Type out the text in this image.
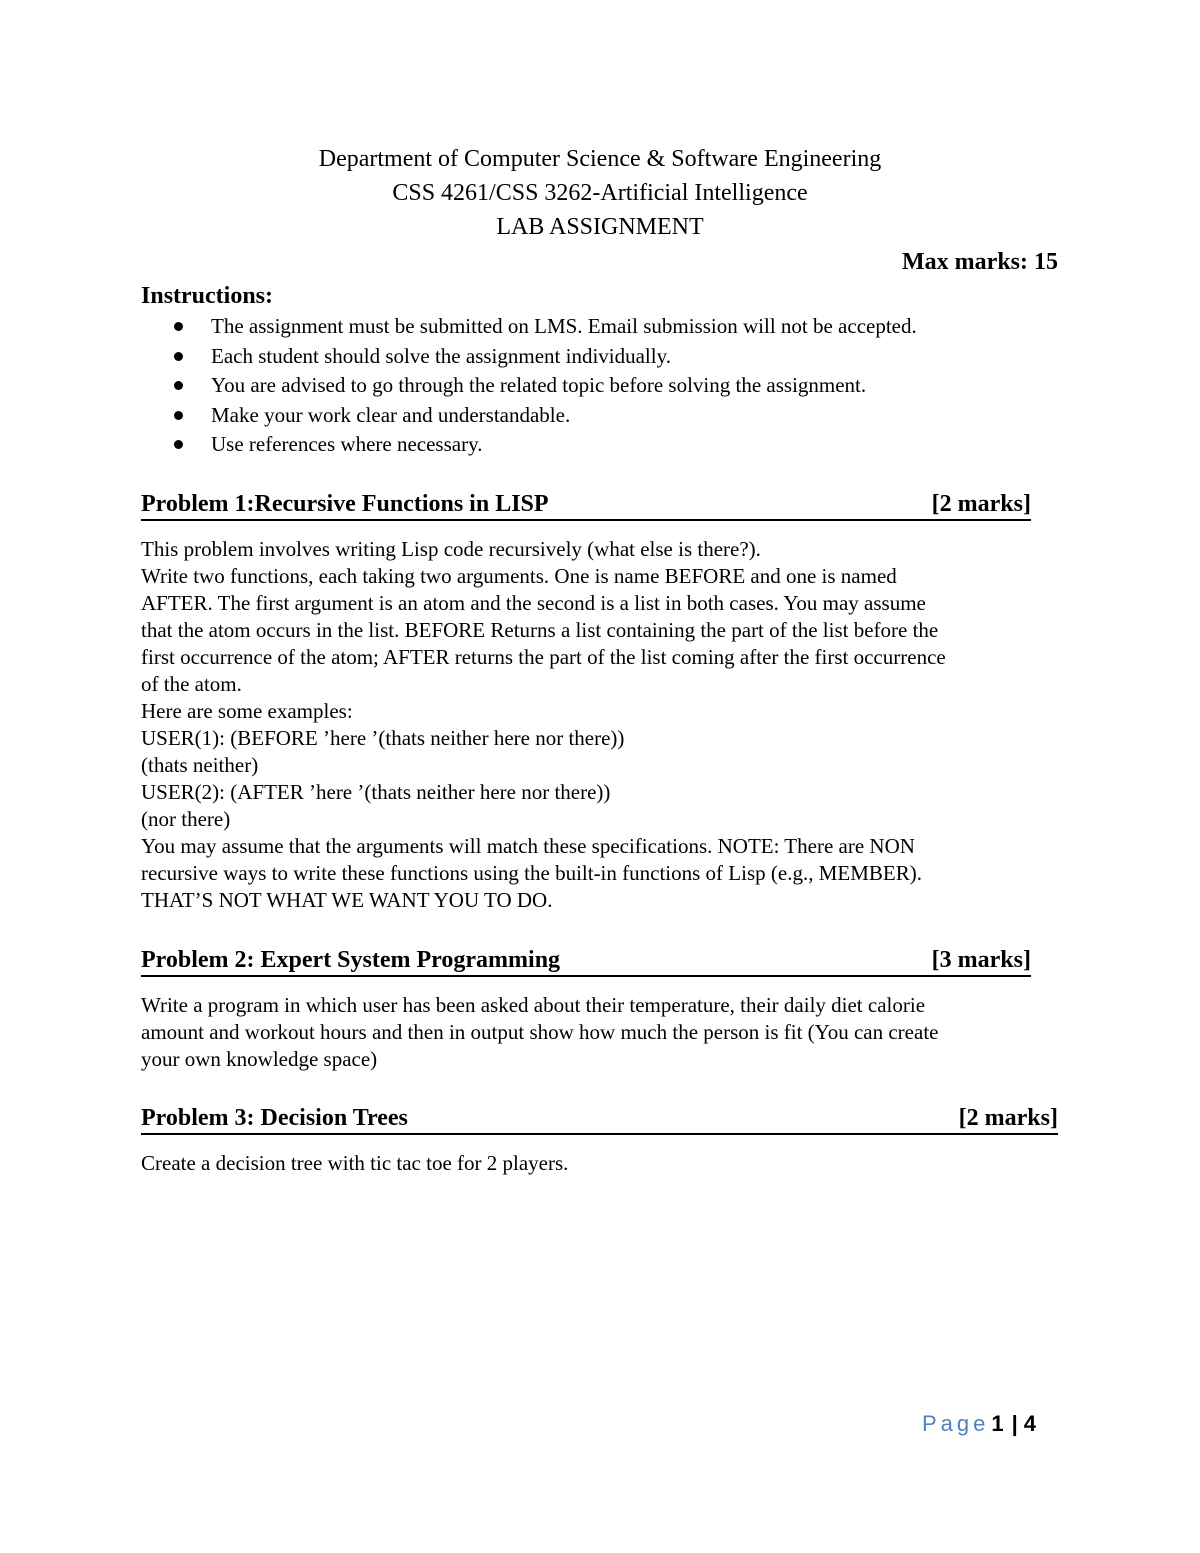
Department of Computer Science & Software Engineering
CSS 4261/CSS 3262-Artificial Intelligence
LAB ASSIGNMENT
Max marks: 15
Instructions:
The assignment must be submitted on LMS. Email submission will not be accepted.
Each student should solve the assignment individually.
You are advised to go through the related topic before solving the assignment.
Make your work clear and understandable.
Use references where necessary.
Problem 1:Recursive Functions in LISP	[2 marks]
This problem involves writing Lisp code recursively (what else is there?).
Write two functions, each taking two arguments. One is name BEFORE and one is named
AFTER. The first argument is an atom and the second is a list in both cases. You may assume
that the atom occurs in the list. BEFORE Returns a list containing the part of the list before the
first occurrence of the atom; AFTER returns the part of the list coming after the first occurrence
of the atom.
Here are some examples:
USER(1): (BEFORE ’here ’(thats neither here nor there))
(thats neither)
USER(2): (AFTER ’here ’(thats neither here nor there))
(nor there)
You may assume that the arguments will match these specifications. NOTE: There are NON
recursive ways to write these functions using the built-in functions of Lisp (e.g., MEMBER).
THAT’S NOT WHAT WE WANT YOU TO DO.
Problem 2: Expert System Programming	[3 marks]
Write a program in which user has been asked about their temperature, their daily diet calorie
amount and workout hours and then in output show how much the person is fit (You can create
your own knowledge space)
Problem 3: Decision Trees	[2 marks]
Create a decision tree with tic tac toe for 2 players.
Page1 | 4
